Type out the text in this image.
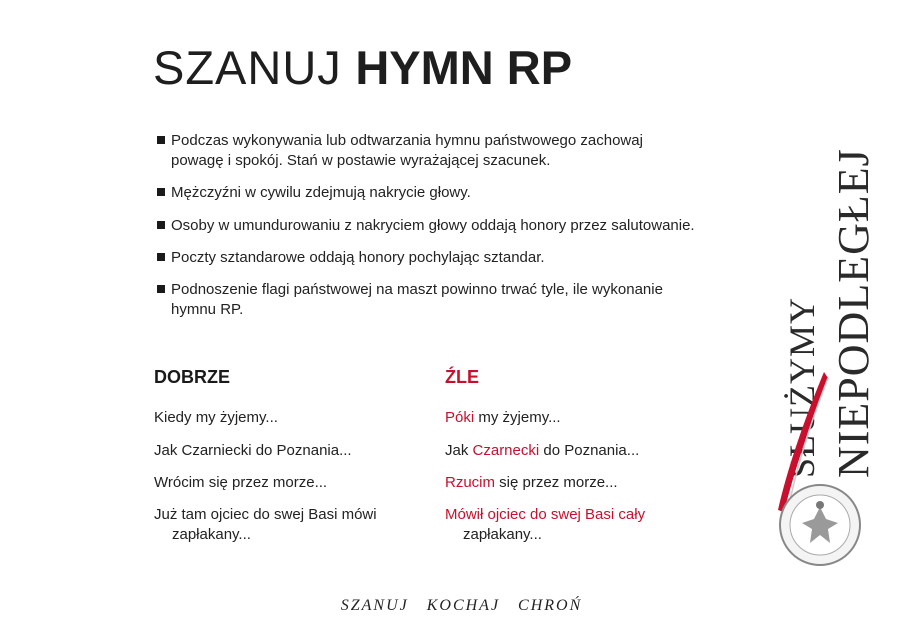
SZANUJ HYMN RP
Podczas wykonywania lub odtwarzania hymnu państwowego zachowaj
powagę i spokój. Stań w postawie wyrażającej szacunek.
Mężczyźni w cywilu zdejmują nakrycie głowy.
Osoby w umundurowaniu z nakryciem głowy oddają honory przez salutowanie.
Poczty sztandarowe oddają honory pochylając sztandar.
Podnoszenie flagi państwowej na maszt powinno trwać tyle, ile wykonanie
hymnu RP.
DOBRZE	ŹLE
Kiedy my żyjemy...
Jak Czarniecki do Poznania...
Wrócim się przez morze...
Już tam ojciec do swej Basi mówi
zapłakany...
Póki my żyjemy...
Jak Czarnecki do Poznania...
Rzucim się przez morze...
Mówił ojciec do swej Basi cały
zapłakany...
SZANUJ KOCHAJ CHROŃ
NIEPODLEGŁEJ
SŁUŻYMY
